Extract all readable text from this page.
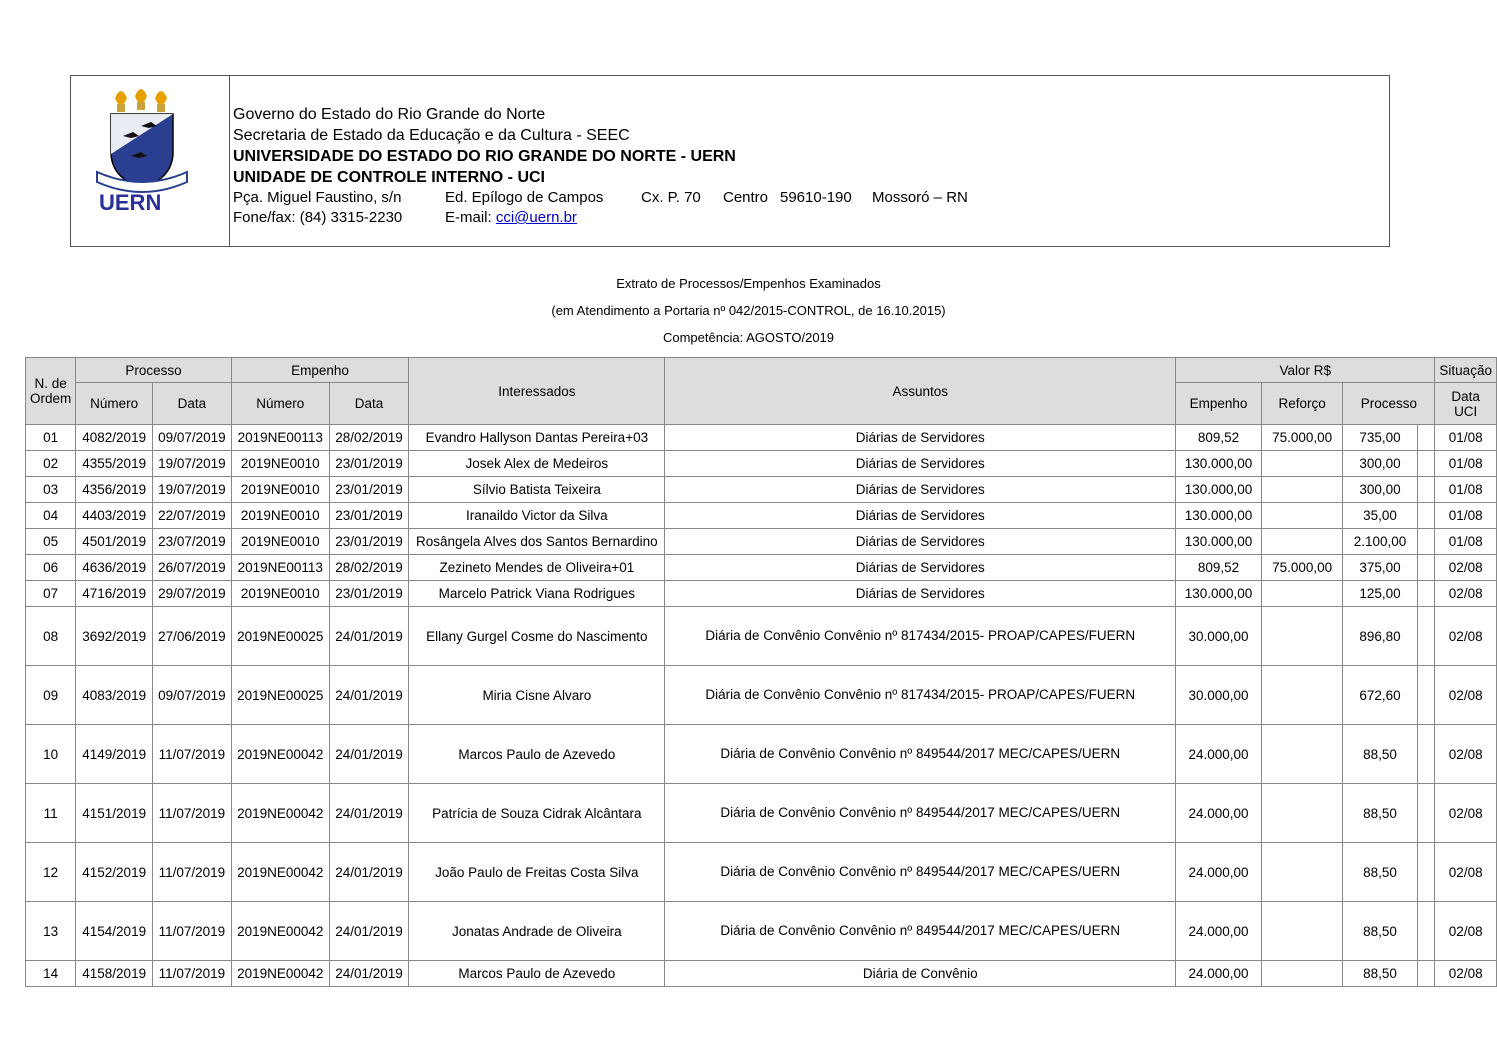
UERN
Governo do Estado do Rio Grande do Norte
Secretaria de Estado da Educação e da Cultura - SEEC
UNIVERSIDADE DO ESTADO DO RIO GRANDE DO NORTE - UERN
UNIDADE DE CONTROLE INTERNO - UCI
Pça. Miguel Faustino, s/n	Ed. Epílogo de Campos	Cx. P. 70	Centro 59610-190	Mossoró – RN
Fone/fax: (84) 3315-2230	E-mail: cci@uern.br
Extrato de Processos/Empenhos Examinados
(em Atendimento a Portaria nº 042/2015-CONTROL, de 16.10.2015)
Competência: AGOSTO/2019
N. de Ordem	Processo		Empenho		Interessados	Assuntos	Valor R$				Situação
	Número	Data	Número	Data			Empenho	Reforço	Processo		Data UCI
01	4082/2019	09/07/2019	2019NE00113	28/02/2019	Evandro Hallyson Dantas Pereira+03	Diárias de Servidores	809,52	75.000,00	735,00		01/08
02	4355/2019	19/07/2019	2019NE0010	23/01/2019	Josek Alex de Medeiros	Diárias de Servidores	130.000,00		300,00		01/08
03	4356/2019	19/07/2019	2019NE0010	23/01/2019	Sílvio Batista Teixeira	Diárias de Servidores	130.000,00		300,00		01/08
04	4403/2019	22/07/2019	2019NE0010	23/01/2019	Iranaildo Victor da Silva	Diárias de Servidores	130.000,00		35,00		01/08
05	4501/2019	23/07/2019	2019NE0010	23/01/2019	Rosângela Alves dos Santos Bernardino	Diárias de Servidores	130.000,00		2.100,00		01/08
06	4636/2019	26/07/2019	2019NE00113	28/02/2019	Zezineto Mendes de Oliveira+01	Diárias de Servidores	809,52	75.000,00	375,00		02/08
07	4716/2019	29/07/2019	2019NE0010	23/01/2019	Marcelo Patrick Viana Rodrigues	Diárias de Servidores	130.000,00		125,00		02/08
08	3692/2019	27/06/2019	2019NE00025	24/01/2019	Ellany Gurgel Cosme do Nascimento	Diária de Convênio Convênio nº 817434/2015- PROAP/CAPES/FUERN	30.000,00		896,80		02/08
09	4083/2019	09/07/2019	2019NE00025	24/01/2019	Miria Cisne Alvaro	Diária de Convênio Convênio nº 817434/2015- PROAP/CAPES/FUERN	30.000,00		672,60		02/08
10	4149/2019	11/07/2019	2019NE00042	24/01/2019	Marcos Paulo de Azevedo	Diária de Convênio Convênio nº 849544/2017 MEC/CAPES/UERN	24.000,00		88,50		02/08
11	4151/2019	11/07/2019	2019NE00042	24/01/2019	Patrícia de Souza Cidrak Alcântara	Diária de Convênio Convênio nº 849544/2017 MEC/CAPES/UERN	24.000,00		88,50		02/08
12	4152/2019	11/07/2019	2019NE00042	24/01/2019	João Paulo de Freitas Costa Silva	Diária de Convênio Convênio nº 849544/2017 MEC/CAPES/UERN	24.000,00		88,50		02/08
13	4154/2019	11/07/2019	2019NE00042	24/01/2019	Jonatas Andrade de Oliveira	Diária de Convênio Convênio nº 849544/2017 MEC/CAPES/UERN	24.000,00		88,50		02/08
14	4158/2019	11/07/2019	2019NE00042	24/01/2019	Marcos Paulo de Azevedo	Diária de Convênio	24.000,00		88,50		02/08
